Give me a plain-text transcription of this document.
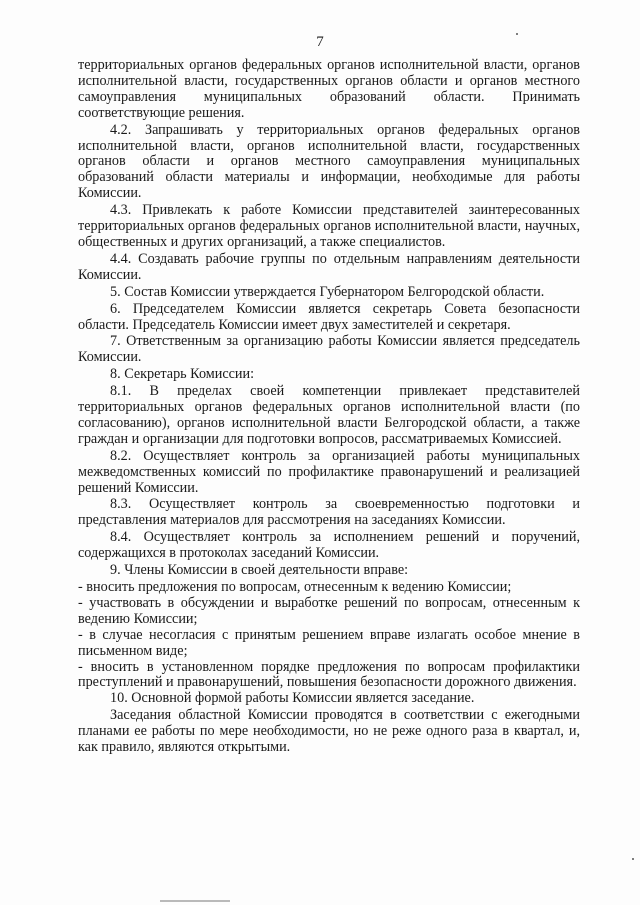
7

территориальных органов федеральных органов исполнительной власти, органов исполнительной власти, государственных органов области и органов местного самоуправления муниципальных образований области. Принимать соответствующие решения.

4.2. Запрашивать у территориальных органов федеральных органов исполнительной власти, органов исполнительной власти, государственных органов области и органов местного самоуправления муниципальных образований области материалы и информации, необходимые для работы Комиссии.

4.3. Привлекать к работе Комиссии представителей заинтересованных территориальных органов федеральных органов исполнительной власти, научных, общественных и других организаций, а также специалистов.

4.4. Создавать рабочие группы по отдельным направлениям деятельности Комиссии.

5. Состав Комиссии утверждается Губернатором Белгородской области.

6. Председателем Комиссии является секретарь Совета безопасности области. Председатель Комиссии имеет двух заместителей и секретаря.

7. Ответственным за организацию работы Комиссии является председатель Комиссии.

8. Секретарь Комиссии:

8.1. В пределах своей компетенции привлекает представителей территориальных органов федеральных органов исполнительной власти (по согласованию), органов исполнительной власти Белгородской области, а также граждан и организации для подготовки вопросов, рассматриваемых Комиссией.

8.2. Осуществляет контроль за организацией работы муниципальных межведомственных комиссий по профилактике правонарушений и реализацией решений Комиссии.

8.3. Осуществляет контроль за своевременностью подготовки и представления материалов для рассмотрения на заседаниях Комиссии.

8.4. Осуществляет контроль за исполнением решений и поручений, содержащихся в протоколах заседаний Комиссии.

9. Члены Комиссии в своей деятельности вправе:

- вносить предложения по вопросам, отнесенным к ведению Комиссии;

- участвовать в обсуждении и выработке решений по вопросам, отнесенным к ведению Комиссии;

- в случае несогласия с принятым решением вправе излагать особое мнение в письменном виде;

- вносить в установленном порядке предложения по вопросам профилактики преступлений и правонарушений, повышения безопасности дорожного движения.

10. Основной формой работы Комиссии является заседание.

Заседания областной Комиссии проводятся в соответствии с ежегодными планами ее работы по мере необходимости, но не реже одного раза в квартал, и, как правило, являются открытыми.
